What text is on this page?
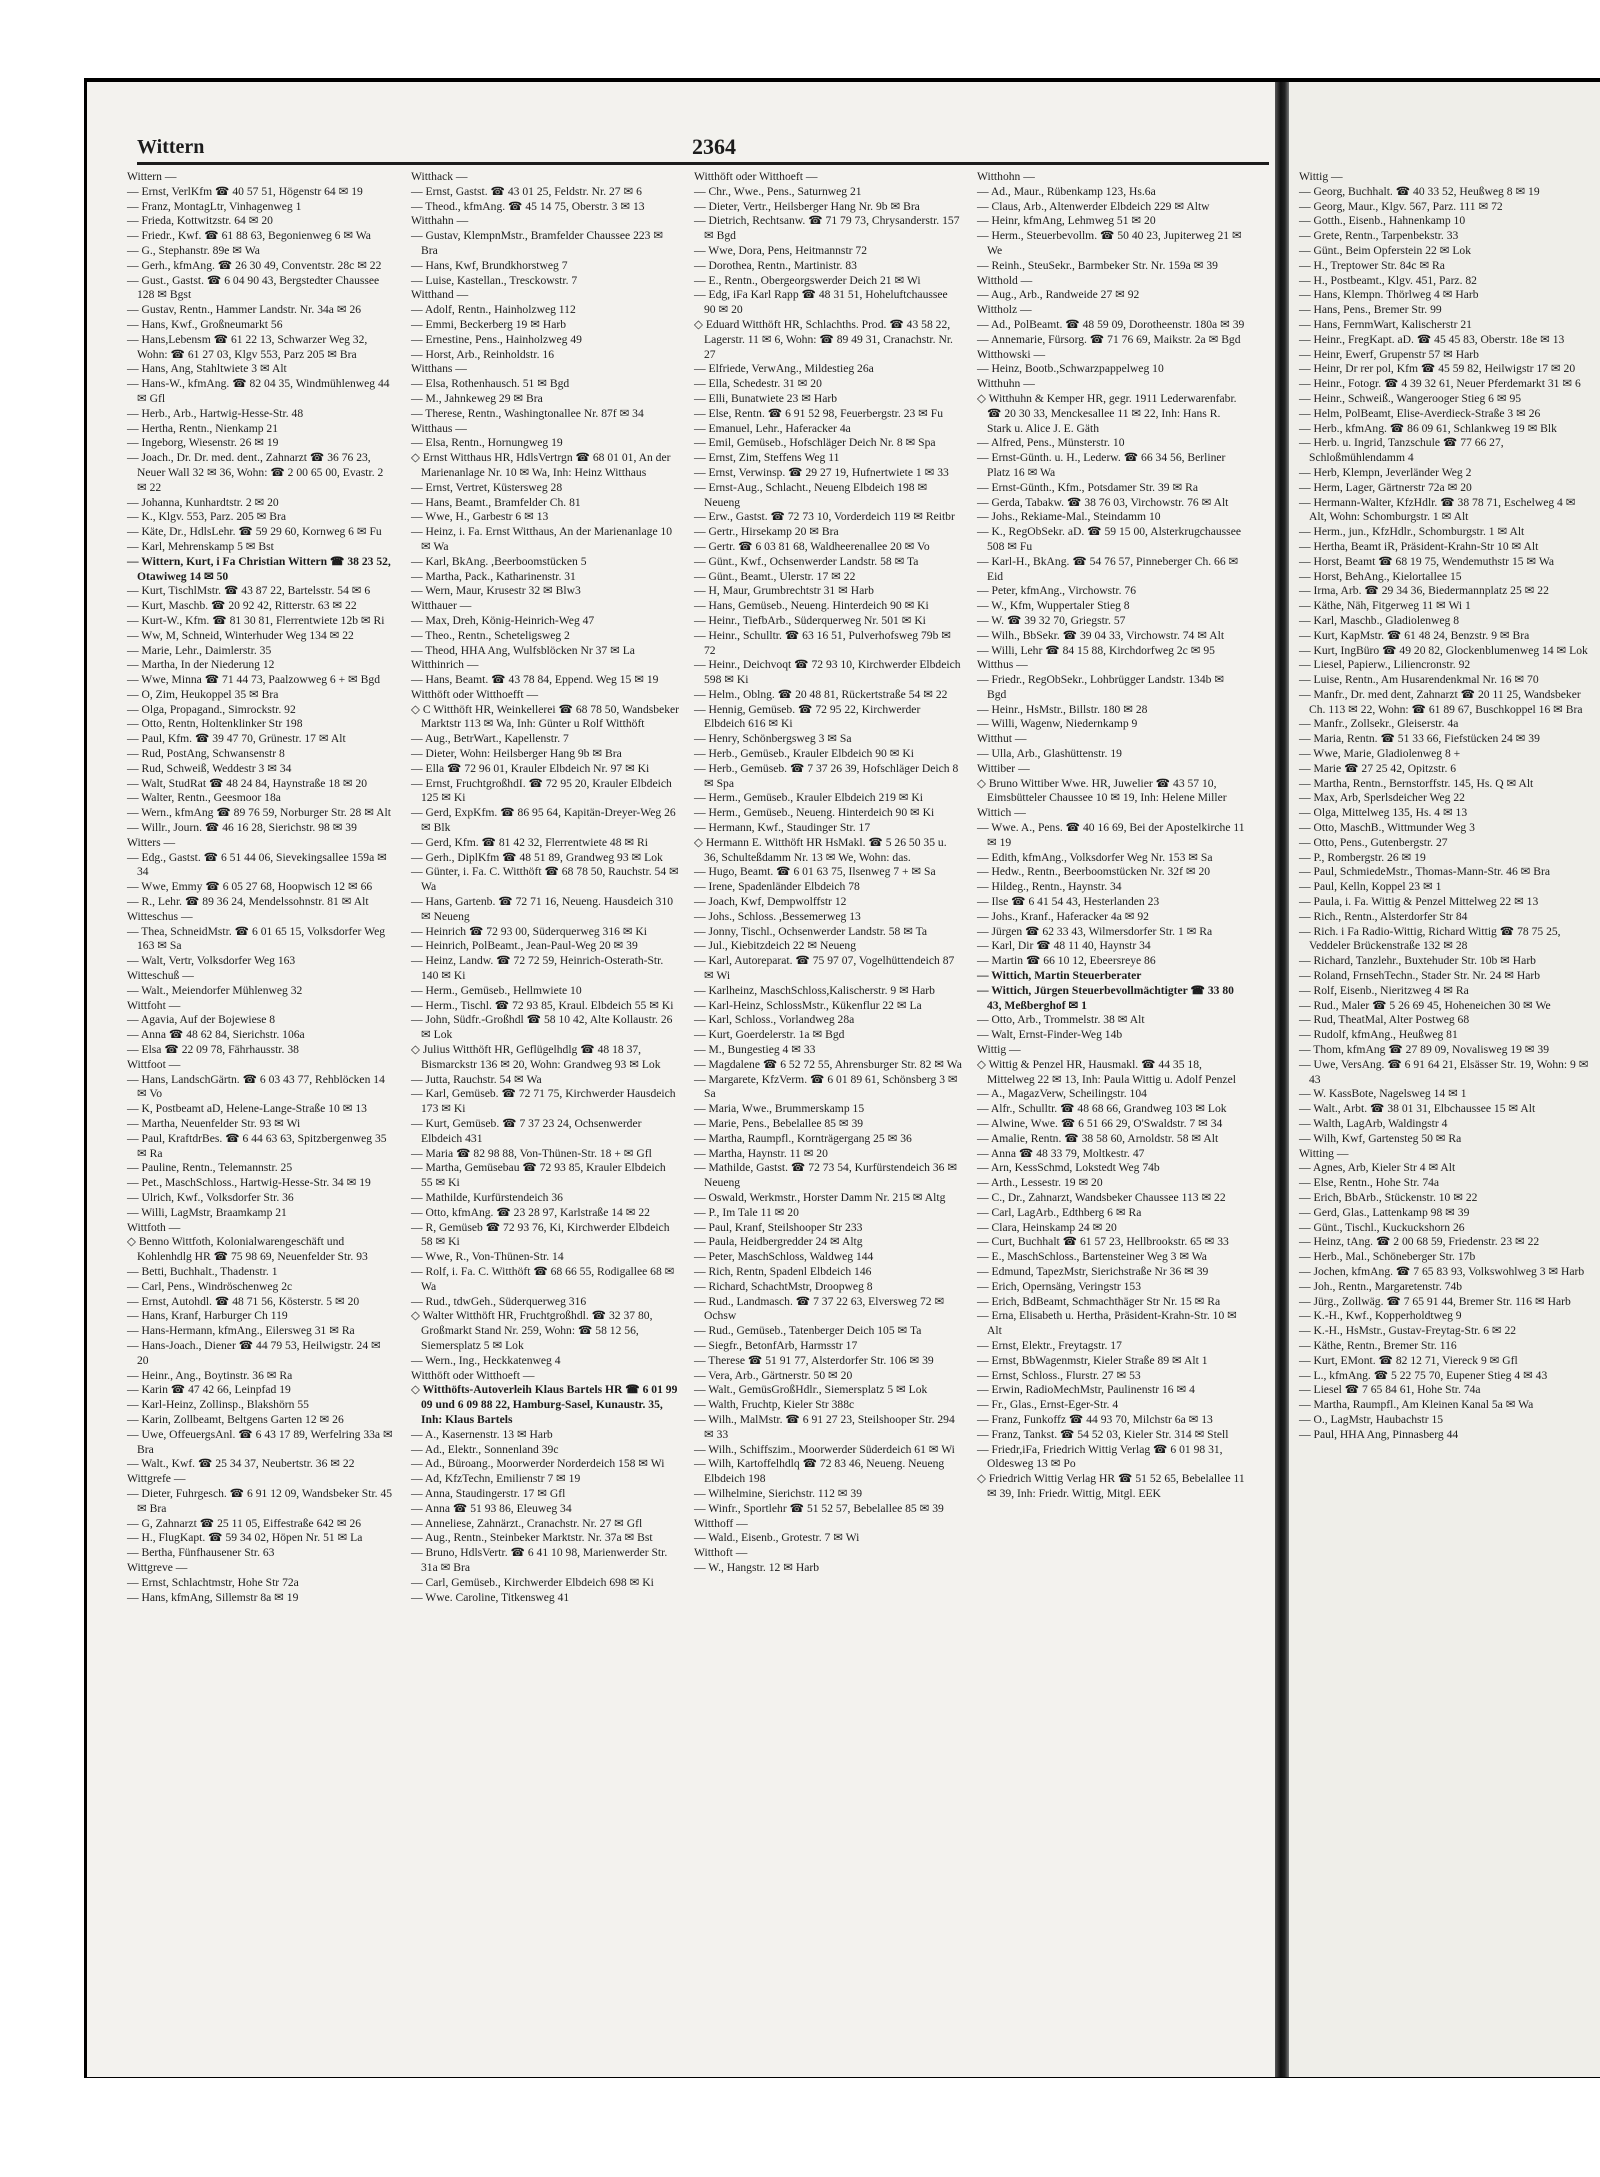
Wittern	2364

Wittern —

— Ernst, VerlKfm ☎ 40 57 51, Högenstr 64 ✉ 19

— Franz, MontagLtr, Vinhagenweg 1

— Frieda, Kottwitzstr. 64 ✉ 20

— Friedr., Kwf. ☎ 61 88 63, Begonienweg 6 ✉ Wa

— G., Stephanstr. 89e ✉ Wa

— Gerh., kfmAng. ☎ 26 30 49, Conventstr. 28c ✉ 22

— Gust., Gastst. ☎ 6 04 90 43, Bergstedter Chaussee 128 ✉ Bgst

— Gustav, Rentn., Hammer Landstr. Nr. 34a ✉ 26

— Hans, Kwf., Großneumarkt 56

— Hans,Lebensm ☎ 61 22 13, Schwarzer Weg 32, Wohn: ☎ 61 27 03, Klgv 553, Parz 205 ✉ Bra

— Hans, Ang, Stahltwiete 3 ✉ Alt

— Hans-W., kfmAng. ☎ 82 04 35, Windmühlenweg 44 ✉ Gfl

— Herb., Arb., Hartwig-Hesse-Str. 48

— Hertha, Rentn., Nienkamp 21

— Ingeborg, Wiesenstr. 26 ✉ 19

— Joach., Dr. Dr. med. dent., Zahnarzt ☎ 36 76 23, Neuer Wall 32 ✉ 36, Wohn: ☎ 2 00 65 00, Evastr. 2 ✉ 22

— Johanna, Kunhardtstr. 2 ✉ 20

— K., Klgv. 553, Parz. 205 ✉ Bra

— Käte, Dr., HdlsLehr. ☎ 59 29 60, Kornweg 6 ✉ Fu

— Karl, Mehrenskamp 5 ✉ Bst

— Wittern, Kurt, i Fa Christian Wittern ☎ 38 23 52, Otawiweg 14 ✉ 50

— Kurt, TischlMstr. ☎ 43 87 22, Bartelsstr. 54 ✉ 6

— Kurt, Maschb. ☎ 20 92 42, Ritterstr. 63 ✉ 22

— Kurt-W., Kfm. ☎ 81 30 81, Flerrentwiete 12b ✉ Ri

— Ww, M, Schneid, Winterhuder Weg 134 ✉ 22

— Marie, Lehr., Daimlerstr. 35

— Martha, In der Niederung 12

— Wwe, Minna ☎ 71 44 73, Paalzowweg 6 + ✉ Bgd

— O, Zim, Heukoppel 35 ✉ Bra

— Olga, Propagand., Simrockstr. 92

— Otto, Rentn, Holtenklinker Str 198

— Paul, Kfm. ☎ 39 47 70, Grünestr. 17 ✉ Alt

— Rud, PostAng, Schwansenstr 8

— Rud, Schweiß, Weddestr 3 ✉ 34

— Walt, StudRat ☎ 48 24 84, Haynstraße 18 ✉ 20

— Walter, Rentn., Geesmoor 18a

— Wern., kfmAng ☎ 89 76 59, Norburger Str. 28 ✉ Alt

— Willr., Journ. ☎ 46 16 28, Sierichstr. 98 ✉ 39

Witters —

— Edg., Gastst. ☎ 6 51 44 06, Sievekingsallee 159a ✉ 34

— Wwe, Emmy ☎ 6 05 27 68, Hoopwisch 12 ✉ 66

— R., Lehr. ☎ 89 36 24, Mendelssohnstr. 81 ✉ Alt

Witteschus —

— Thea, SchneidMstr. ☎ 6 01 65 15, Volksdorfer Weg 163 ✉ Sa

— Walt, Vertr, Volksdorfer Weg 163

Witteschuß —

— Walt., Meiendorfer Mühlenweg 32

Wittfoht —

— Agavia, Auf der Bojewiese 8

— Anna ☎ 48 62 84, Sierichstr. 106a

— Elsa ☎ 22 09 78, Fährhausstr. 38

Wittfoot —

— Hans, LandschGärtn. ☎ 6 03 43 77, Rehblöcken 14 ✉ Vo

— K, Postbeamt aD, Helene-Lange-Straße 10 ✉ 13

— Martha, Neuenfelder Str. 93 ✉ Wi

— Paul, KraftdrBes. ☎ 6 44 63 63, Spitzbergenweg 35 ✉ Ra

— Pauline, Rentn., Telemannstr. 25

— Pet., MaschSchloss., Hartwig-Hesse-Str. 34 ✉ 19

— Ulrich, Kwf., Volksdorfer Str. 36

— Willi, LagMstr, Braamkamp 21

Wittfoth —

◇ Benno Wittfoth, Kolonialwarengeschäft und Kohlenhdlg HR ☎ 75 98 69, Neuenfelder Str. 93

— Betti, Buchhalt., Thadenstr. 1

— Carl, Pens., Windröschenweg 2c

— Ernst, Autohdl. ☎ 48 71 56, Kösterstr. 5 ✉ 20

— Hans, Kranf, Harburger Ch 119

— Hans-Hermann, kfmAng., Eilersweg 31 ✉ Ra

— Hans-Joach., Diener ☎ 44 79 53, Heilwigstr. 24 ✉ 20

— Heinr., Ang., Boytinstr. 36 ✉ Ra

— Karin ☎ 47 42 66, Leinpfad 19

— Karl-Heinz, Zollinsp., Blakshörn 55

— Karin, Zollbeamt, Beltgens Garten 12 ✉ 26

— Uwe, OffeuergsAnl. ☎ 6 43 17 89, Werfelring 33a ✉ Bra

— Walt., Kwf. ☎ 25 34 37, Neubertstr. 36 ✉ 22

Wittgrefe —

— Dieter, Fuhrgesch. ☎ 6 91 12 09, Wandsbeker Str. 45 ✉ Bra

— G, Zahnarzt ☎ 25 11 05, Eiffestraße 642 ✉ 26

— H., FlugKapt. ☎ 59 34 02, Höpen Nr. 51 ✉ La

— Bertha, Fünfhausener Str. 63

Wittgreve —

— Ernst, Schlachtmstr, Hohe Str 72a

— Hans, kfmAng, Sillemstr 8a ✉ 19

Witthack —

— Ernst, Gastst. ☎ 43 01 25, Feldstr. Nr. 27 ✉ 6

— Theod., kfmAng. ☎ 45 14 75, Oberstr. 3 ✉ 13

Witthahn —

— Gustav, KlempnMstr., Bramfelder Chaussee 223 ✉ Bra

— Hans, Kwf, Brundkhorstweg 7

— Luise, Kastellan., Tresckowstr. 7

Witthand —

— Adolf, Rentn., Hainholzweg 112

— Emmi, Beckerberg 19 ✉ Harb

— Ernestine, Pens., Hainholzweg 49

— Horst, Arb., Reinholdstr. 16

Witthans —

— Elsa, Rothenhausch. 51 ✉ Bgd

— M., Jahnkeweg 29 ✉ Bra

— Therese, Rentn., Washingtonallee Nr. 87f ✉ 34

Witthaus —

— Elsa, Rentn., Hornungweg 19

◇ Ernst Witthaus HR, HdlsVertrgn ☎ 68 01 01, An der Marienanlage Nr. 10 ✉ Wa, Inh: Heinz Witthaus

— Ernst, Vertret, Küstersweg 28

— Hans, Beamt., Bramfelder Ch. 81

— Wwe, H., Garbestr 6 ✉ 13

— Heinz, i. Fa. Ernst Witthaus, An der Marienanlage 10 ✉ Wa

— Karl, BkAng. ,Beerboomstücken 5

— Martha, Pack., Katharinenstr. 31

— Wern, Maur, Krusestr 32 ✉ Blw3

Witthauer —

— Max, Dreh, König-Heinrich-Weg 47

— Theo., Rentn., Scheteligsweg 2

— Theod, HHA Ang, Wulfsblöcken Nr 37 ✉ La

Witthinrich —

— Hans, Beamt. ☎ 43 78 84, Eppend. Weg 15 ✉ 19

Witthöft oder Witthoefft —

◇ C Witthöft HR, Weinkellerei ☎ 68 78 50, Wandsbeker Marktstr 113 ✉ Wa, Inh: Günter u Rolf Witthöft

— Aug., BetrWart., Kapellenstr. 7

— Dieter, Wohn: Heilsberger Hang 9b ✉ Bra

— Ella ☎ 72 96 01, Krauler Elbdeich Nr. 97 ✉ Ki

— Ernst, FruchtgroßhdI. ☎ 72 95 20, Krauler Elbdeich 125 ✉ Ki

— Gerd, ExpKfm. ☎ 86 95 64, Kapitän-Dreyer-Weg 26 ✉ Blk

— Gerd, Kfm. ☎ 81 42 32, Flerrentwiete 48 ✉ Ri

— Gerh., DiplKfm ☎ 48 51 89, Grandweg 93 ✉ Lok

— Günter, i. Fa. C. Witthöft ☎ 68 78 50, Rauchstr. 54 ✉ Wa

— Hans, Gartenb. ☎ 72 71 16, Neueng. Hausdeich 310 ✉ Neueng

— Heinrich ☎ 72 93 00, Süderquerweg 316 ✉ Ki

— Heinrich, PolBeamt., Jean-Paul-Weg 20 ✉ 39

— Heinz, Landw. ☎ 72 72 59, Heinrich-Osterath-Str. 140 ✉ Ki

— Herm., Gemüseb., Hellmwiete 10

— Herm., Tischl. ☎ 72 93 85, Kraul. Elbdeich 55 ✉ Ki

— John, Südfr.-Großhdl ☎ 58 10 42, Alte Kollaustr. 26 ✉ Lok

◇ Julius Witthöft HR, Geflügelhdlg ☎ 48 18 37, Bismarckstr 136 ✉ 20, Wohn: Grandweg 93 ✉ Lok

— Jutta, Rauchstr. 54 ✉ Wa

— Karl, Gemüseb. ☎ 72 71 75, Kirchwerder Hausdeich 173 ✉ Ki

— Kurt, Gemüseb. ☎ 7 37 23 24, Ochsenwerder Elbdeich 431

— Maria ☎ 82 98 88, Von-Thünen-Str. 18 + ✉ Gfl

— Martha, Gemüsebau ☎ 72 93 85, Krauler Elbdeich 55 ✉ Ki

— Mathilde, Kurfürstendeich 36

— Otto, kfmAng. ☎ 23 28 97, Karlstraße 14 ✉ 22

— R, Gemüseb ☎ 72 93 76, Ki, Kirchwerder Elbdeich 58 ✉ Ki

— Wwe, R., Von-Thünen-Str. 14

— Rolf, i. Fa. C. Witthöft ☎ 68 66 55, Rodigallee 68 ✉ Wa

— Rud., tdwGeh., Süderquerweg 316

◇ Walter Witthöft HR, Fruchtgroßhdl. ☎ 32 37 80, Großmarkt Stand Nr. 259, Wohn: ☎ 58 12 56, Siemersplatz 5 ✉ Lok

— Wern., Ing., Heckkatenweg 4

Witthöft oder Witthoeft —

◇ Witthöfts-Autoverleih Klaus Bartels HR ☎ 6 01 99 09 und 6 09 88 22, Hamburg-Sasel, Kunaustr. 35, Inh: Klaus Bartels

— A., Kasernenstr. 13 ✉ Harb

— Ad., Elektr., Sonnenland 39c

— Ad., Büroang., Moorwerder Norderdeich 158 ✉ Wi

— Ad, KfzTechn, Emilienstr 7 ✉ 19

— Anna, Staudingerstr. 17 ✉ Gfl

— Anna ☎ 51 93 86, Eleuweg 34

— Anneliese, Zahnärzt., Cranachstr. Nr. 27 ✉ Gfl

— Aug., Rentn., Steinbeker Marktstr. Nr. 37a ✉ Bst

— Bruno, HdlsVertr. ☎ 6 41 10 98, Marienwerder Str. 31a ✉ Bra

— Carl, Gemüseb., Kirchwerder Elbdeich 698 ✉ Ki

— Wwe. Caroline, Titkensweg 41

Witthöft oder Witthoeft —

— Chr., Wwe., Pens., Saturnweg 21

— Dieter, Vertr., Heilsberger Hang Nr. 9b ✉ Bra

— Dietrich, Rechtsanw. ☎ 71 79 73, Chrysanderstr. 157 ✉ Bgd

— Wwe, Dora, Pens, Heitmannstr 72

— Dorothea, Rentn., Martinistr. 83

— E., Rentn., Obergeorgswerder Deich 21 ✉ Wi

— Edg, iFa Karl Rapp ☎ 48 31 51, Hoheluftchaussee 90 ✉ 20

◇ Eduard Witthöft HR, Schlachths. Prod. ☎ 43 58 22, Lagerstr. 11 ✉ 6, Wohn: ☎ 89 49 31, Cranachstr. Nr. 27

— Elfriede, VerwAng., Mildestieg 26a

— Ella, Schedestr. 31 ✉ 20

— Elli, Bunatwiete 23 ✉ Harb

— Else, Rentn. ☎ 6 91 52 98, Feuerbergstr. 23 ✉ Fu

— Emanuel, Lehr., Haferacker 4a

— Emil, Gemüseb., Hofschläger Deich Nr. 8 ✉ Spa

— Ernst, Zim, Steffens Weg 11

— Ernst, Verwinsp. ☎ 29 27 19, Hufnertwiete 1 ✉ 33

— Ernst-Aug., Schlacht., Neueng Elbdeich 198 ✉ Neueng

— Erw., Gastst. ☎ 72 73 10, Vorderdeich 119 ✉ Reitbr

— Gertr., Hirsekamp 20 ✉ Bra

— Gertr. ☎ 6 03 81 68, Waldheerenallee 20 ✉ Vo

— Günt., Kwf., Ochsenwerder Landstr. 58 ✉ Ta

— Günt., Beamt., Ulerstr. 17 ✉ 22

— H, Maur, Grumbrechtstr 31 ✉ Harb

— Hans, Gemüseb., Neueng. Hinterdeich 90 ✉ Ki

— Heinr., TiefbArb., Süderquerweg Nr. 501 ✉ Ki

— Heinr., Schulltr. ☎ 63 16 51, Pulverhofsweg 79b ✉ 72

— Heinr., Deichvoqt ☎ 72 93 10, Kirchwerder Elbdeich 598 ✉ Ki

— Helm., Oblng. ☎ 20 48 81, Rückertstraße 54 ✉ 22

— Hennig, Gemüseb. ☎ 72 95 22, Kirchwerder Elbdeich 616 ✉ Ki

— Henry, Schönbergsweg 3 ✉ Sa

— Herb., Gemüseb., Krauler Elbdeich 90 ✉ Ki

— Herb., Gemüseb. ☎ 7 37 26 39, Hofschläger Deich 8 ✉ Spa

— Herm., Gemüseb., Krauler Elbdeich 219 ✉ Ki

— Herm., Gemüseb., Neueng. Hinterdeich 90 ✉ Ki

— Hermann, Kwf., Staudinger Str. 17

◇ Hermann E. Witthöft HR HsMakl. ☎ 5 26 50 35 u. 36, Schulteßdamm Nr. 13 ✉ We, Wohn: das.

— Hugo, Beamt. ☎ 6 01 63 75, Ilsenweg 7 + ✉ Sa

— Irene, Spadenländer Elbdeich 78

— Joach, Kwf, Dempwolffstr 12

— Johs., Schloss. ,Bessemerweg 13

— Jonny, Tischl., Ochsenwerder Landstr. 58 ✉ Ta

— Jul., Kiebitzdeich 22 ✉ Neueng

— Karl, Autoreparat. ☎ 75 97 07, Vogelhüttendeich 87 ✉ Wi

— Karlheinz, MaschSchloss,Kalischerstr. 9 ✉ Harb

— Karl-Heinz, SchlossMstr., Kükenflur 22 ✉ La

— Karl, Schloss., Vorlandweg 28a

— Kurt, Goerdelerstr. 1a ✉ Bgd

— M., Bungestieg 4 ✉ 33

— Magdalene ☎ 6 52 72 55, Ahrensburger Str. 82 ✉ Wa

— Margarete, KfzVerm. ☎ 6 01 89 61, Schönsberg 3 ✉ Sa

— Maria, Wwe., Brummerskamp 15

— Marie, Pens., Bebelallee 85 ✉ 39

— Martha, Raumpfl., Kornträgergang 25 ✉ 36

— Martha, Haynstr. 11 ✉ 20

— Mathilde, Gastst. ☎ 72 73 54, Kurfürstendeich 36 ✉ Neueng

— Oswald, Werkmstr., Horster Damm Nr. 215 ✉ Altg

— P., Im Tale 11 ✉ 20

— Paul, Kranf, Steilshooper Str 233

— Paula, Heidbergredder 24 ✉ Altg

— Peter, MaschSchloss, Waldweg 144

— Rich, Rentn, Spadenl Elbdeich 146

— Richard, SchachtMstr, Droopweg 8

— Rud., Landmasch. ☎ 7 37 22 63, Elversweg 72 ✉ Ochsw

— Rud., Gemüseb., Tatenberger Deich 105 ✉ Ta

— Siegfr., BetonfArb, Harmsstr 17

— Therese ☎ 51 91 77, Alsterdorfer Str. 106 ✉ 39

— Vera, Arb., Gärtnerstr. 50 ✉ 20

— Walt., GemüsGroßHdlr., Siemersplatz 5 ✉ Lok

— Walth, Fruchtp, Kieler Str 388c

— Wilh., MalMstr. ☎ 6 91 27 23, Steilshooper Str. 294 ✉ 33

— Wilh., Schiffszim., Moorwerder Süderdeich 61 ✉ Wi

— Wilh, Kartoffelhdlq ☎ 72 83 46, Neueng. Neueng Elbdeich 198

— Wilhelmine, Sierichstr. 112 ✉ 39

— Winfr., Sportlehr ☎ 51 52 57, Bebelallee 85 ✉ 39

Witthoff —

— Wald., Eisenb., Grotestr. 7 ✉ Wi

Witthoft —

— W., Hangstr. 12 ✉ Harb

Witthohn —

— Ad., Maur., Rübenkamp 123, Hs.6a

— Claus, Arb., Altenwerder Elbdeich 229 ✉ Altw

— Heinr, kfmAng, Lehmweg 51 ✉ 20

— Herm., Steuerbevollm. ☎ 50 40 23, Jupiterweg 21 ✉ We

— Reinh., SteuSekr., Barmbeker Str. Nr. 159a ✉ 39

Witthold —

— Aug., Arb., Randweide 27 ✉ 92

Wittholz —

— Ad., PolBeamt. ☎ 48 59 09, Dorotheenstr. 180a ✉ 39

— Annemarie, Fürsorg. ☎ 71 76 69, Maikstr. 2a ✉ Bgd

Witthowski —

— Heinz, Bootb.,Schwarzpappelweg 10

Witthuhn —

◇ Witthuhn & Kemper HR, gegr. 1911 Lederwarenfabr. ☎ 20 30 33, Menckesallee 11 ✉ 22, Inh: Hans R. Stark u. Alice J. E. Gäth

— Alfred, Pens., Münsterstr. 10

— Ernst-Günth. u. H., Lederw. ☎ 66 34 56, Berliner Platz 16 ✉ Wa

— Ernst-Günth., Kfm., Potsdamer Str. 39 ✉ Ra

— Gerda, Tabakw. ☎ 38 76 03, Virchowstr. 76 ✉ Alt

— Johs., Rekiame-Mal., Steindamm 10

— K., RegObSekr. aD. ☎ 59 15 00, Alsterkrugchaussee 508 ✉ Fu

— Karl-H., BkAng. ☎ 54 76 57, Pinneberger Ch. 66 ✉ Eid

— Peter, kfmAng., Virchowstr. 76

— W., Kfm, Wuppertaler Stieg 8

— W. ☎ 39 32 70, Griegstr. 57

— Wilh., BbSekr. ☎ 39 04 33, Virchowstr. 74 ✉ Alt

— Willi, Lehr ☎ 84 15 88, Kirchdorfweg 2c ✉ 95

Witthus —

— Friedr., RegObSekr., Lohbrügger Landstr. 134b ✉ Bgd

— Heinr., HsMstr., Billstr. 180 ✉ 28

— Willi, Wagenw, Niedernkamp 9

Witthut —

— Ulla, Arb., Glashüttenstr. 19

Wittiber —

◇ Bruno Wittiber Wwe. HR, Juwelier ☎ 43 57 10, Eimsbütteler Chaussee 10 ✉ 19, Inh: Helene Miller

Wittich —

— Wwe. A., Pens. ☎ 40 16 69, Bei der Apostelkirche 11 ✉ 19

— Edith, kfmAng., Volksdorfer Weg Nr. 153 ✉ Sa

— Hedw., Rentn., Beerboomstücken Nr. 32f ✉ 20

— Hildeg., Rentn., Haynstr. 34

— Ilse ☎ 6 41 54 43, Hesterlanden 23

— Johs., Kranf., Haferacker 4a ✉ 92

— Jürgen ☎ 62 33 43, Wilmersdorfer Str. 1 ✉ Ra

— Karl, Dir ☎ 48 11 40, Haynstr 34

— Martin ☎ 66 10 12, Ebeersreye 86

— Wittich, Martin Steuerberater

— Wittich, Jürgen Steuerbevollmächtigter ☎ 33 80 43, Meßberghof ✉ 1

— Otto, Arb., Trommelstr. 38 ✉ Alt

— Walt, Ernst-Finder-Weg 14b

Wittig —

◇ Wittig & Penzel HR, Hausmakl. ☎ 44 35 18, Mittelweg 22 ✉ 13, Inh: Paula Wittig u. Adolf Penzel

— A., MagazVerw, Scheilingstr. 104

— Alfr., Schulltr. ☎ 48 68 66, Grandweg 103 ✉ Lok

— Alwine, Wwe. ☎ 6 51 66 29, O'Swaldstr. 7 ✉ 34

— Amalie, Rentn. ☎ 38 58 60, Arnoldstr. 58 ✉ Alt

— Anna ☎ 48 33 79, Moltkestr. 47

— Arn, KessSchmd, Lokstedt Weg 74b

— Arth., Lessestr. 19 ✉ 20

— C., Dr., Zahnarzt, Wandsbeker Chaussee 113 ✉ 22

— Carl, LagArb., Edthberg 6 ✉ Ra

— Clara, Heinskamp 24 ✉ 20

— Curt, Buchhalt ☎ 61 57 23, Hellbrookstr. 65 ✉ 33

— E., MaschSchloss., Bartensteiner Weg 3 ✉ Wa

— Edmund, TapezMstr, Sierichstraße Nr 36 ✉ 39

— Erich, Opernsäng, Veringstr 153

— Erich, BdBeamt, Schmachthäger Str Nr. 15 ✉ Ra

— Erna, Elisabeth u. Hertha, Präsident-Krahn-Str. 10 ✉ Alt

— Ernst, Elektr., Freytagstr. 17

— Ernst, BbWagenmstr, Kieler Straße 89 ✉ Alt 1

— Ernst, Schloss., Flurstr. 27 ✉ 53

— Erwin, RadioMechMstr, Paulinenstr 16 ✉ 4

— Fr., Glas., Ernst-Eger-Str. 4

— Franz, Funkoffz ☎ 44 93 70, Milchstr 6a ✉ 13

— Franz, Tankst. ☎ 54 52 03, Kieler Str. 314 ✉ Stell

— Friedr,iFa, Friedrich Wittig Verlag ☎ 6 01 98 31, Oldesweg 13 ✉ Po

◇ Friedrich Wittig Verlag HR ☎ 51 52 65, Bebelallee 11 ✉ 39, Inh: Friedr. Wittig, Mitgl. EEK

Wittig —

— Georg, Buchhalt. ☎ 40 33 52, Heußweg 8 ✉ 19

— Georg, Maur., Klgv. 567, Parz. 111 ✉ 72

— Gotth., Eisenb., Hahnenkamp 10

— Grete, Rentn., Tarpenbekstr. 33

— Günt., Beim Opferstein 22 ✉ Lok

— H., Treptower Str. 84c ✉ Ra

— H., Postbeamt., Klgv. 451, Parz. 82

— Hans, Klempn. Thörlweg 4 ✉ Harb

— Hans, Pens., Bremer Str. 99

— Hans, FernmWart, Kalischerstr 21

— Heinr., FregKapt. aD. ☎ 45 45 83, Oberstr. 18e ✉ 13

— Heinr, Ewerf, Grupenstr 57 ✉ Harb

— Heinr, Dr rer pol, Kfm ☎ 45 59 82, Heilwigstr 17 ✉ 20

— Heinr., Fotogr. ☎ 4 39 32 61, Neuer Pferdemarkt 31 ✉ 6

— Heinr., Schweiß., Wangerooger Stieg 6 ✉ 95

— Helm, PolBeamt, Elise-Averdieck-Straße 3 ✉ 26

— Herb., kfmAng. ☎ 86 09 61, Schlankweg 19 ✉ Blk

— Herb. u. Ingrid, Tanzschule ☎ 77 66 27, Schloßmühlendamm 4

— Herb, Klempn, Jeverländer Weg 2

— Herm, Lager, Gärtnerstr 72a ✉ 20

— Hermann-Walter, KfzHdlr. ☎ 38 78 71, Eschelweg 4 ✉ Alt, Wohn: Schomburgstr. 1 ✉ Alt

— Herm., jun., KfzHdlr., Schomburgstr. 1 ✉ Alt

— Hertha, Beamt iR, Präsident-Krahn-Str 10 ✉ Alt

— Horst, Beamt ☎ 68 19 75, Wendemuthstr 15 ✉ Wa

— Horst, BehAng., Kielortallee 15

— Irma, Arb. ☎ 29 34 36, Biedermannplatz 25 ✉ 22

— Käthe, Näh, Fitgerweg 11 ✉ Wi 1

— Karl, Maschb., Gladiolenweg 8

— Kurt, KapMstr. ☎ 61 48 24, Benzstr. 9 ✉ Bra

— Kurt, IngBüro ☎ 49 20 82, Glockenblumenweg 14 ✉ Lok

— Liesel, Papierw., Liliencronstr. 92

— Luise, Rentn., Am Husarendenkmal Nr. 16 ✉ 70

— Manfr., Dr. med dent, Zahnarzt ☎ 20 11 25, Wandsbeker Ch. 113 ✉ 22, Wohn: ☎ 61 89 67, Buschkoppel 16 ✉ Bra

— Manfr., Zollsekr., Gleiserstr. 4a

— Maria, Rentn. ☎ 51 33 66, Fiefstücken 24 ✉ 39

— Wwe, Marie, Gladiolenweg 8 +

— Marie ☎ 27 25 42, Opitzstr. 6

— Martha, Rentn., Bernstorffstr. 145, Hs. Q ✉ Alt

— Max, Arb, Sperlsdeicher Weg 22

— Olga, Mittelweg 135, Hs. 4 ✉ 13

— Otto, MaschB., Wittmunder Weg 3

— Otto, Pens., Gutenbergstr. 27

— P., Rombergstr. 26 ✉ 19

— Paul, SchmiedeMstr., Thomas-Mann-Str. 46 ✉ Bra

— Paul, Kelln, Koppel 23 ✉ 1

— Paula, i. Fa. Wittig & Penzel Mittelweg 22 ✉ 13

— Rich., Rentn., Alsterdorfer Str 84

— Rich. i Fa Radio-Wittig, Richard Wittig ☎ 78 75 25, Veddeler Brückenstraße 132 ✉ 28

— Richard, Tanzlehr., Buxtehuder Str. 10b ✉ Harb

— Roland, FrnsehTechn., Stader Str. Nr. 24 ✉ Harb

— Rolf, Eisenb., Nieritzweg 4 ✉ Ra

— Rud., Maler ☎ 5 26 69 45, Hoheneichen 30 ✉ We

— Rud, TheatMal, Alter Postweg 68

— Rudolf, kfmAng., Heußweg 81

— Thom, kfmAng ☎ 27 89 09, Novalisweg 19 ✉ 39

— Uwe, VersAng. ☎ 6 91 64 21, Elsässer Str. 19, Wohn: 9 ✉ 43

— W. KassBote, Nagelsweg 14 ✉ 1

— Walt., Arbt. ☎ 38 01 31, Elbchaussee 15 ✉ Alt

— Walth, LagArb, Waldingstr 4

— Wilh, Kwf, Gartensteg 50 ✉ Ra

Witting —

— Agnes, Arb, Kieler Str 4 ✉ Alt

— Else, Rentn., Hohe Str. 74a

— Erich, BbArb., Stückenstr. 10 ✉ 22

— Gerd, Glas., Lattenkamp 98 ✉ 39

— Günt., Tischl., Kuckuckshorn 26

— Heinz, tAng. ☎ 2 00 68 59, Friedenstr. 23 ✉ 22

— Herb., Mal., Schöneberger Str. 17b

— Jochen, kfmAng. ☎ 7 65 83 93, Volkswohlweg 3 ✉ Harb

— Joh., Rentn., Margaretenstr. 74b

— Jürg., Zollwäg. ☎ 7 65 91 44, Bremer Str. 116 ✉ Harb

— K.-H., Kwf., Kopperholdtweg 9

— K.-H., HsMstr., Gustav-Freytag-Str. 6 ✉ 22

— Käthe, Rentn., Bremer Str. 116

— Kurt, EMont. ☎ 82 12 71, Viereck 9 ✉ Gfl

— L., kfmAng. ☎ 5 22 75 70, Eupener Stieg 4 ✉ 43

— Liesel ☎ 7 65 84 61, Hohe Str. 74a

— Martha, Raumpfl., Am Kleinen Kanal 5a ✉ Wa

— O., LagMstr, Haubachstr 15

— Paul, HHA Ang, Pinnasberg 44
